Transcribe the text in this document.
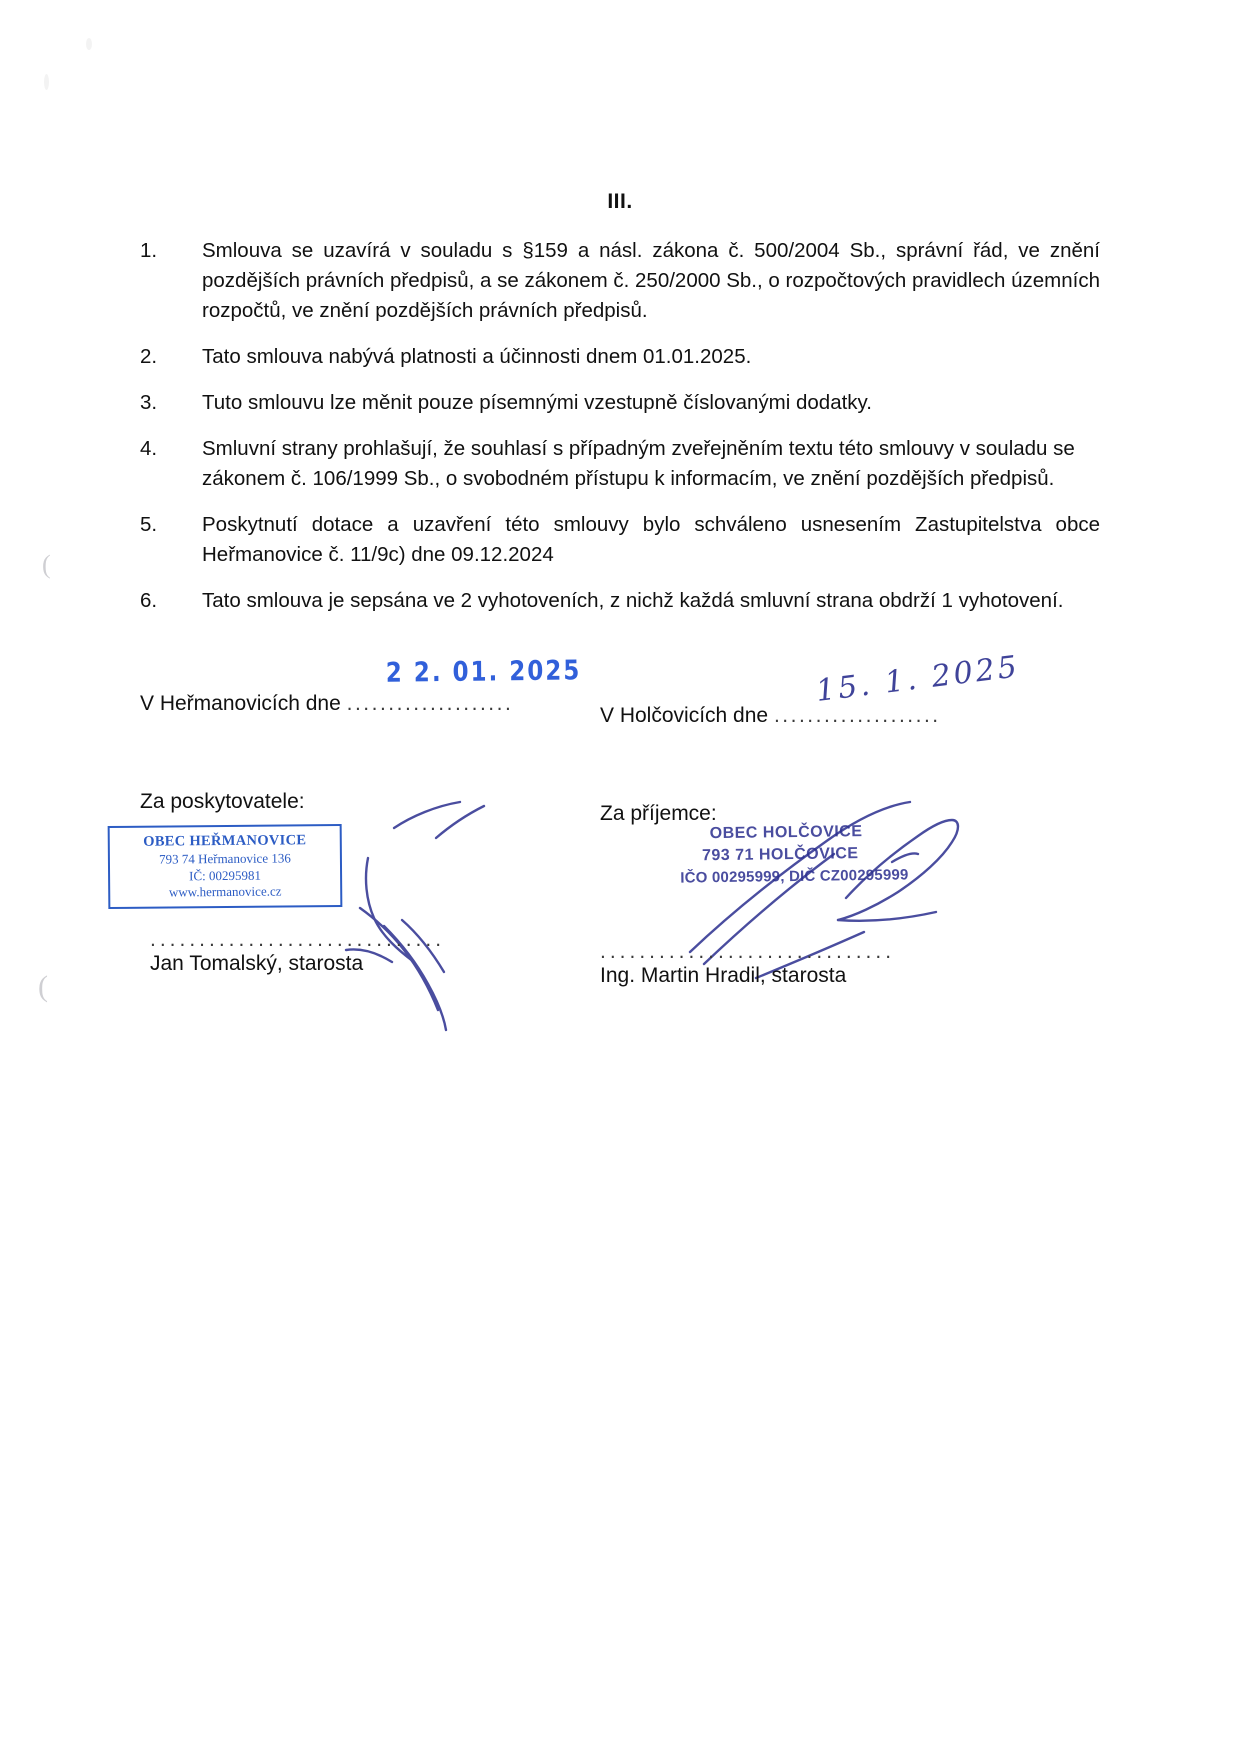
(
(
III.
1.	Smlouva se uzavírá v souladu s §159 a násl. zákona č. 500/2004 Sb., správní řád, ve znění pozdějších právních předpisů, a se zákonem č. 250/2000 Sb., o rozpočtových pravidlech územních rozpočtů, ve znění pozdějších právních předpisů.
2.	Tato smlouva nabývá platnosti a účinnosti dnem 01.01.2025.
3.	Tuto smlouvu lze měnit pouze písemnými vzestupně číslovanými dodatky.
4.	Smluvní strany prohlašují, že souhlasí s případným zveřejněním textu této smlouvy v souladu se zákonem č. 106/1999 Sb., o svobodném přístupu k informacím, ve znění pozdějších předpisů.
5.	Poskytnutí dotace a uzavření této smlouvy bylo schváleno usnesením Zastupitelstva obce Heřmanovice č. 11/9c) dne 09.12.2024
6.	Tato smlouva je sepsána ve 2 vyhotoveních, z nichž každá smluvní strana obdrží 1 vyhotovení.
V Heřmanovicích dne ....................
2 2. 01. 2025
Za poskytovatele:
OBEC HEŘMANOVICE
793 74 Heřmanovice 136
IČ: 00295981
www.hermanovice.cz
..............................
Jan Tomalský, starosta
V Holčovicích dne ....................
15. 1. 2025
Za příjemce:
OBEC HOLČOVICE
793 71 HOLČOVICE
IČO 00295999, DIČ CZ00295999
..............................
Ing. Martin Hradil, starosta
